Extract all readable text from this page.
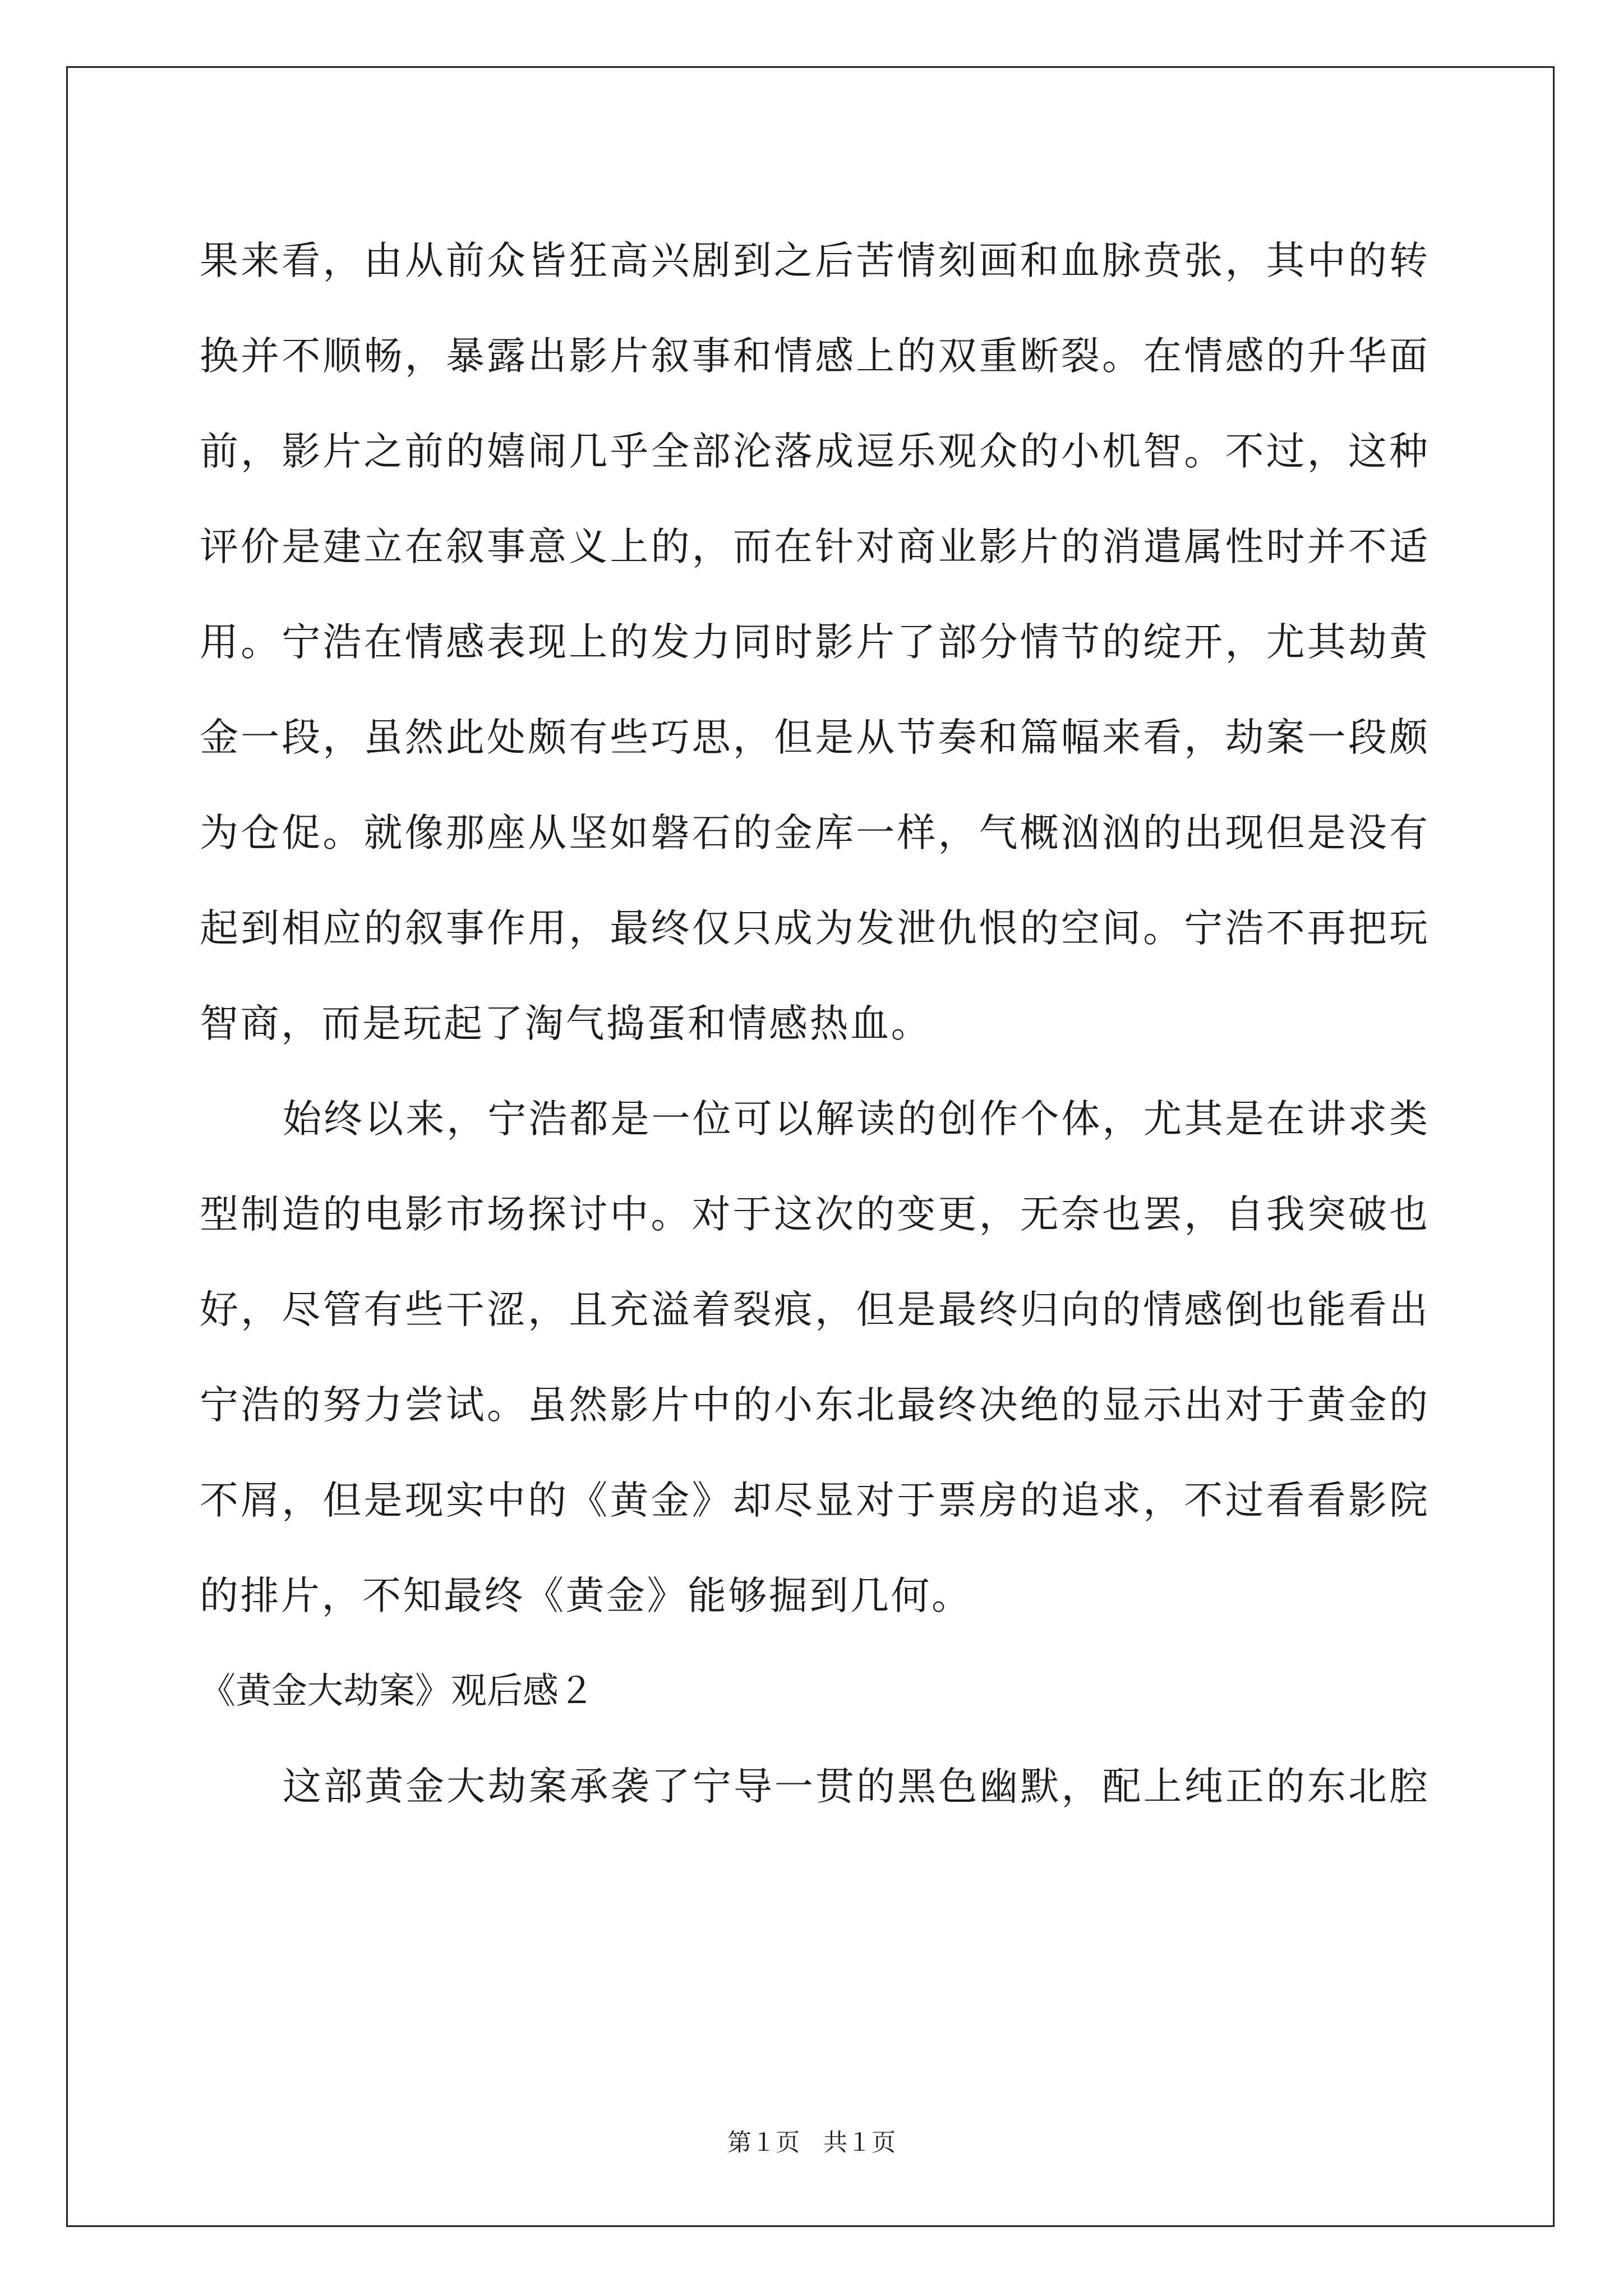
果来看，由从前众皆狂高兴剧到之后苦情刻画和血脉贲张，其中的转
换并不顺畅，暴露出影片叙事和情感上的双重断裂。在情感的升华面
前，影片之前的嬉闹几乎全部沦落成逗乐观众的小机智。不过，这种
评价是建立在叙事意义上的，而在针对商业影片的消遣属性时并不适
用。宁浩在情感表现上的发力同时影片了部分情节的绽开，尤其劫黄
金一段，虽然此处颇有些巧思，但是从节奏和篇幅来看，劫案一段颇
为仓促。就像那座从坚如磐石的金库一样，气概汹汹的出现但是没有
起到相应的叙事作用，最终仅只成为发泄仇恨的空间。宁浩不再把玩
智商，而是玩起了淘气捣蛋和情感热血。
始终以来，宁浩都是一位可以解读的创作个体，尤其是在讲求类
型制造的电影市场探讨中。对于这次的变更，无奈也罢，自我突破也
好，尽管有些干涩，且充溢着裂痕，但是最终归向的情感倒也能看出
宁浩的努力尝试。虽然影片中的小东北最终决绝的显示出对于黄金的
不屑，但是现实中的《黄金》却尽显对于票房的追求，不过看看影院
的排片，不知最终《黄金》能够掘到几何。
《黄金大劫案》观后感２
这部黄金大劫案承袭了宁导一贯的黑色幽默，配上纯正的东北腔
第１页 共１页
